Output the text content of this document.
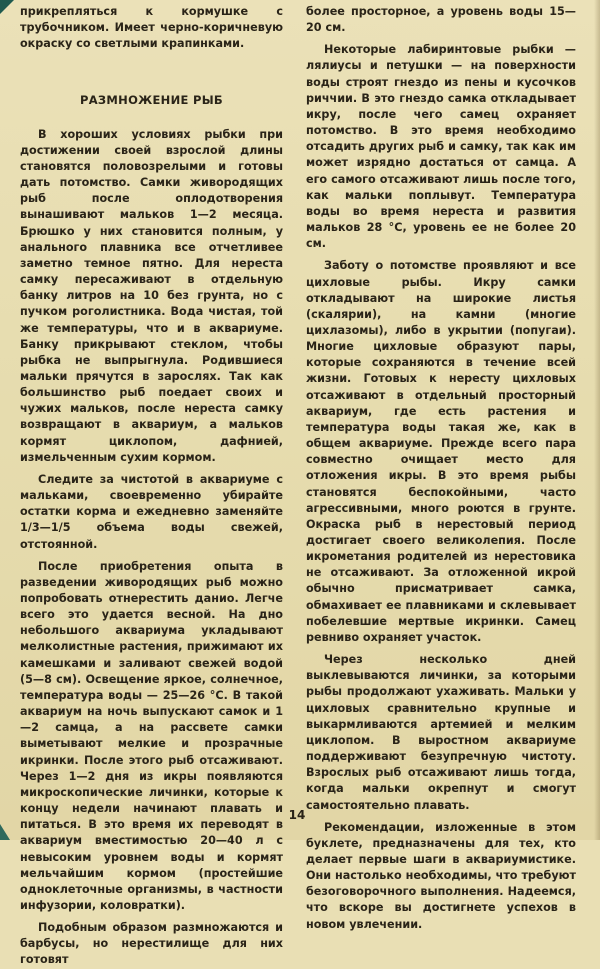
прикрепляться к кормушке с трубочником. Имеет черно-коричневую окраску со светлыми крапинками.

РАЗМНОЖЕНИЕ РЫБ

В хороших условиях рыбки при достижении своей взрослой длины становятся половозрелыми и готовы дать потомство. Самки живородящих рыб после оплодотворения вынашивают мальков 1—2 месяца. Брюшко у них становится полным, у анального плавника все отчетливее заметно темное пятно. Для нереста самку пересаживают в отдельную банку литров на 10 без грунта, но с пучком роголистника. Вода чистая, той же температуры, что и в аквариуме. Банку прикрывают стеклом, чтобы рыбка не выпрыгнула. Родившиеся мальки прячутся в зарослях. Так как большинство рыб поедает своих и чужих мальков, после нереста самку возвращают в аквариум, а мальков кормят циклопом, дафнией, измельченным сухим кормом.

Следите за чистотой в аквариуме с мальками, своевременно убирайте остатки корма и ежедневно заменяйте 1/3—1/5 объема воды свежей, отстоянной.

После приобретения опыта в разведении живородящих рыб можно попробовать отнерестить данио. Легче всего это удается весной. На дно небольшого аквариума укладывают мелколистные растения, прижимают их камешками и заливают свежей водой (5—8 см). Освещение яркое, солнечное, температура воды — 25—26 °С. В такой аквариум на ночь выпускают самок и 1—2 самца, а на рассвете самки выметывают мелкие и прозрачные икринки. После этого рыб отсаживают. Через 1—2 дня из икры появляются микроскопические личинки, которые к концу недели начинают плавать и питаться. В это время их переводят в аквариум вместимостью 20—40 л с невысоким уровнем воды и кормят мельчайшим кормом (простейшие одноклеточные организмы, в частности инфузории, коловратки).

Подобным образом размножаются и барбусы, но нерестилище для них готовят

более просторное, а уровень воды 15—20 см.

Некоторые лабиринтовые рыбки — лялиусы и петушки — на поверхности воды строят гнездо из пены и кусочков риччии. В это гнездо самка откладывает икру, после чего самец охраняет потомство. В это время необходимо отсадить других рыб и самку, так как им может изрядно достаться от самца. А его самого отсаживают лишь после того, как мальки поплывут. Температура воды во время нереста и развития мальков 28 °С, уровень ее не более 20 см.

Заботу о потомстве проявляют и все цихловые рыбы. Икру самки откладывают на широкие листья (скалярии), на камни (многие цихлазомы), либо в укрытии (попугаи). Многие цихловые образуют пары, которые сохраняются в течение всей жизни. Готовых к нересту цихловых отсаживают в отдельный просторный аквариум, где есть растения и температура воды такая же, как в общем аквариуме. Прежде всего пара совместно очищает место для отложения икры. В это время рыбы становятся беспокойными, часто агрессивными, много роются в грунте. Окраска рыб в нерестовый период достигает своего великолепия. После икрометания родителей из нерестовика не отсаживают. За отложенной икрой обычно присматривает самка, обмахивает ее плавниками и склевывает побелевшие мертвые икринки. Самец ревниво охраняет участок.

Через несколько дней выклевываются личинки, за которыми рыбы продолжают ухаживать. Мальки у цихловых сравнительно крупные и выкармливаются артемией и мелким циклопом. В выростном аквариуме поддерживают безупречную чистоту. Взрослых рыб отсаживают лишь тогда, когда мальки окрепнут и смогут самостоятельно плавать.

Рекомендации, изложенные в этом буклете, предназначены для тех, кто делает первые шаги в аквариумистике. Они настолько необходимы, что требуют безоговорочного выполнения. Надеемся, что вскоре вы достигнете успехов в новом увлечении.

14
